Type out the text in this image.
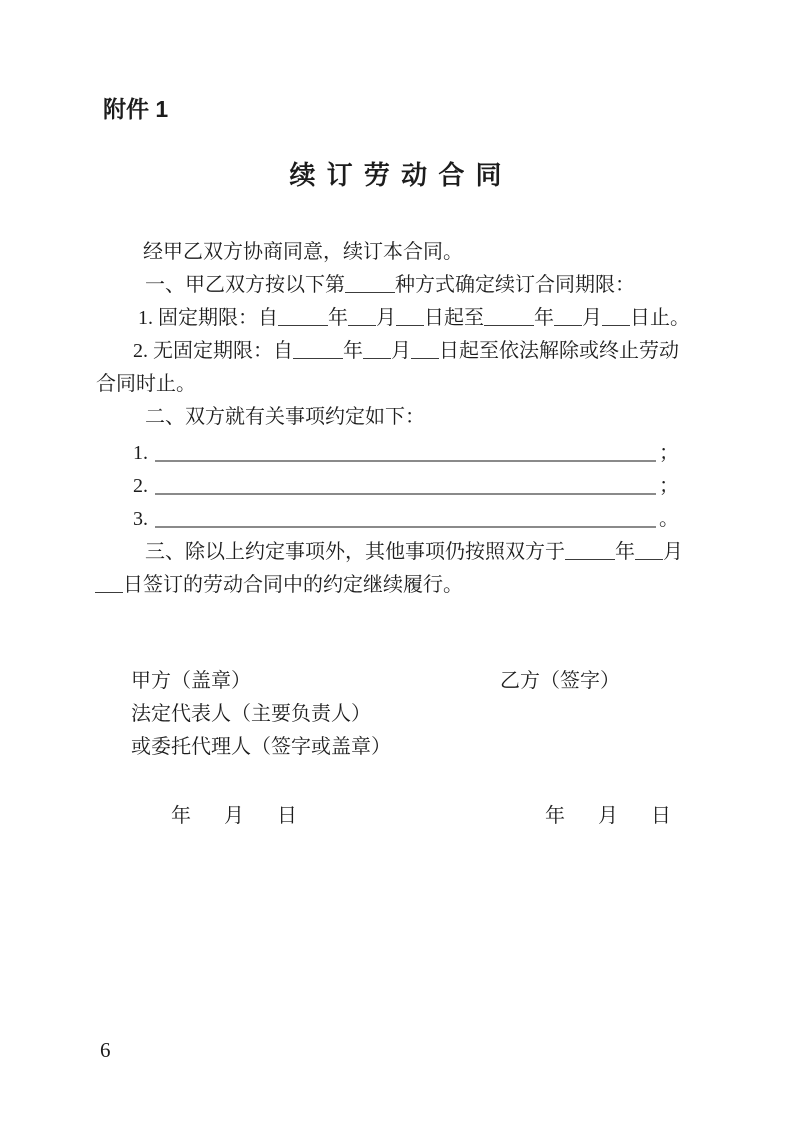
附件 1
续 订 劳 动 合 同
经甲乙双方协商同意，续订本合同。
一、甲乙双方按以下第	种方式确定续订合同期限：
1. 固定期限：自	年 月 日起至	年 月 日止。
2. 无固定期限：自	年 月 日起至依法解除或终止劳动
合同时止。
二、双方就有关事项约定如下：
1.	；
2.	；
3.	。
三、除以上约定事项外，其他事项仍按照双方于	年 月
日签订的劳动合同中的约定继续履行。
甲方（盖章）	乙方（签字）
法定代表人（主要负责人）
或委托代理人（签字或盖章）
年 月 日	年 月 日
6
